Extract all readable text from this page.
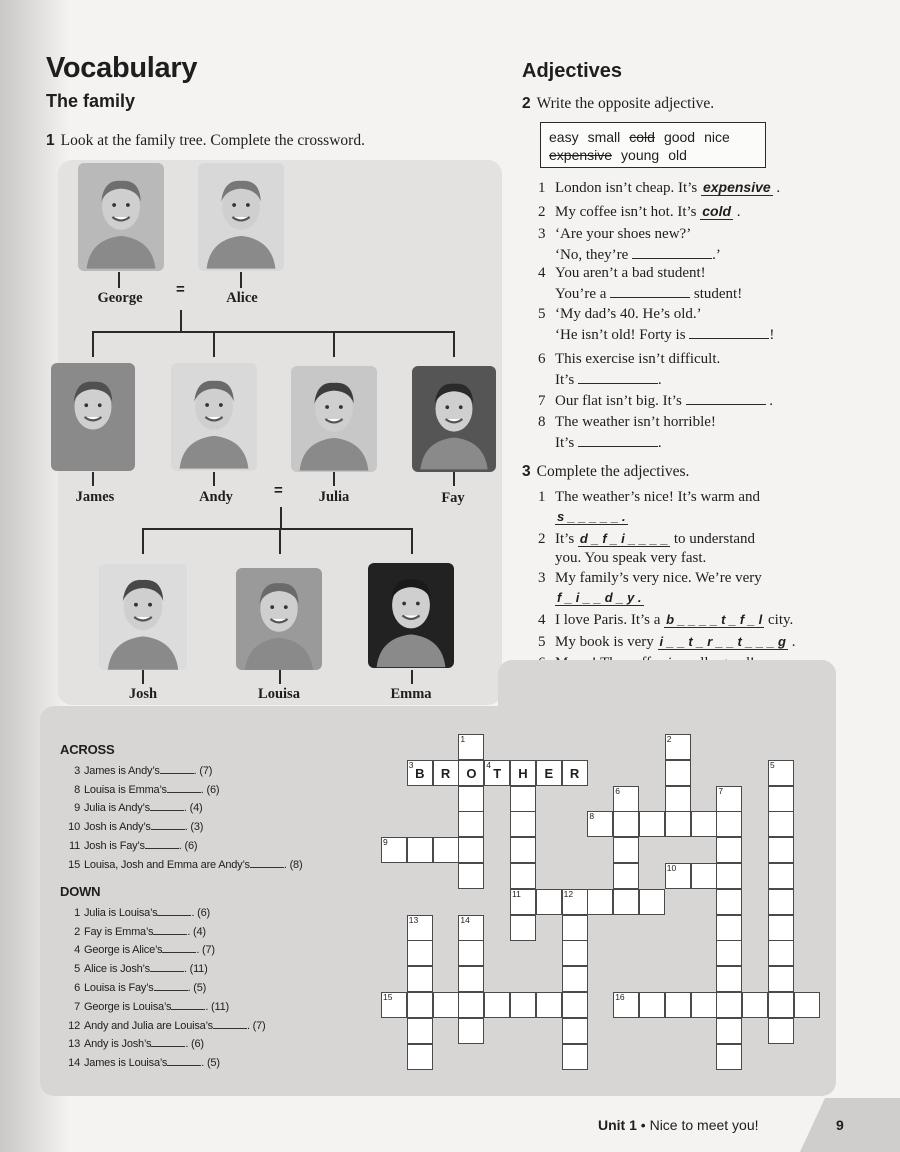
Vocabulary
The family
1 Look at the family tree. Complete the crossword.
=
=
George	Alice
James	Andy	Julia	Fay
Josh	Louisa	Emma
Adjectives
2 Write the opposite adjective.
easy small cold good nice
expensive young old
1 London isn’t cheap. It’s expensive .
2 My coffee isn’t hot. It’s cold .
3 ‘Are your shoes new?’
‘No, they’re	.’
4 You aren’t a bad student!
You’re a	student!
5 ‘My dad’s 40. He’s old.’
‘He isn’t old! Forty is	!
6 This exercise isn’t difficult.
It’s	.
7 Our flat isn’t big. It’s	.
8 The weather isn’t horrible!
It’s	.
3 Complete the adjectives.
1 The weather’s nice! It’s warm and
s _ _ _ _ _ .
2 It’s d _ f _ i _ _ _ _ to understand
you. You speak very fast.
3 My family’s very nice. We’re very
f _ i _ _ d _ y .
4 I love Paris. It’s a b _ _ _ _ t _ f _ l city.
5 My book is very i _ _ t _ r _ _ t _ _ _ g .

ACROSS
3 James is Andy’s	. (7)
8 Louisa is Emma’s	. (6)
9 Julia is Andy’s	. (4)
10 Josh is Andy’s	. (3)
11 Josh is Fay’s	. (6)
15 Louisa, Josh and Emma are Andy’s	. (8)
DOWN
1 Julia is Louisa’s	. (6)
2 Fay is Emma’s	. (4)
4 George is Alice’s	. (7)
5 Alice is Josh’s	. (11)
6 Louisa is Fay’s	. (5)
7 George is Louisa’s	. (11)
12 Andy and Julia are Louisa’s	. (7)
13 Andy is Josh’s	. (6)
14 James is Louisa’s	. (5)
3
B	R	O
4
T	H	E	R
1
11
2
8
6	7
5
9
10
12
13	14
15	16
Unit 1 • Nice to meet you!	9
